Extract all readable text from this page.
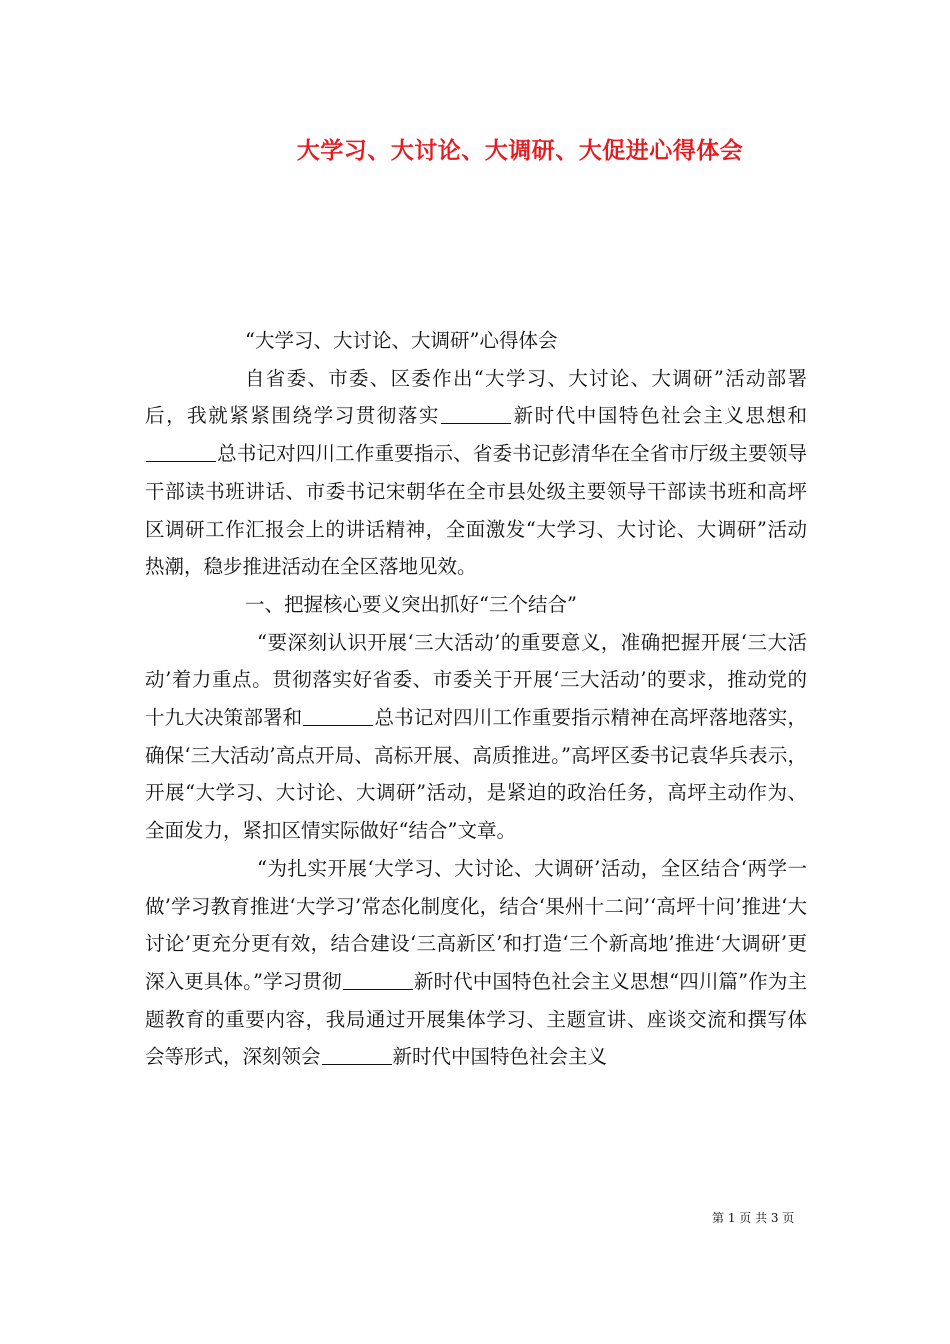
大学习、大讨论、大调研、大促进心得体会

“大学习、大讨论、大调研”心得体会

自省委、市委、区委作出“大学习、大讨论、大调研”活动部署后，我就紧紧围绕学习贯彻落实	新时代中国特色社会主义思想和总书记对四川工作重要指示、省委书记彭清华在全省市厅级主要领导干部读书班讲话、市委书记宋朝华在全市县处级主要领导干部读书班和高坪区调研工作汇报会上的讲话精神，全面激发“大学习、大讨论、大调研”活动热潮，稳步推进活动在全区落地见效。

一、把握核心要义突出抓好“三个结合”

“要深刻认识开展‘三大活动’的重要意义，准确把握开展‘三大活动’着力重点。贯彻落实好省委、市委关于开展‘三大活动’的要求，推动党的十九大决策部署和	总书记对四川工作重要指示精神在高坪落地落实，确保‘三大活动’高点开局、高标开展、高质推进。”高坪区委书记袁华兵表示，开展“大学习、大讨论、大调研”活动，是紧迫的政治任务，高坪主动作为、全面发力，紧扣区情实际做好“结合”文章。

“为扎实开展‘大学习、大讨论、大调研’活动，全区结合‘两学一做’学习教育推进‘大学习’常态化制度化，结合‘果州十二问’‘高坪十问’推进‘大讨论’更充分更有效，结合建设‘三高新区’和打造‘三个新高地’推进‘大调研’更深入更具体。”学习贯彻	新时代中国特色社会主义思想“四川篇”作为主题教育的重要内容，我局通过开展集体学习、主题宣讲、座谈交流和撰写体会等形式，深刻领会	新时代中国特色社会主义

第 1 页 共 3 页
